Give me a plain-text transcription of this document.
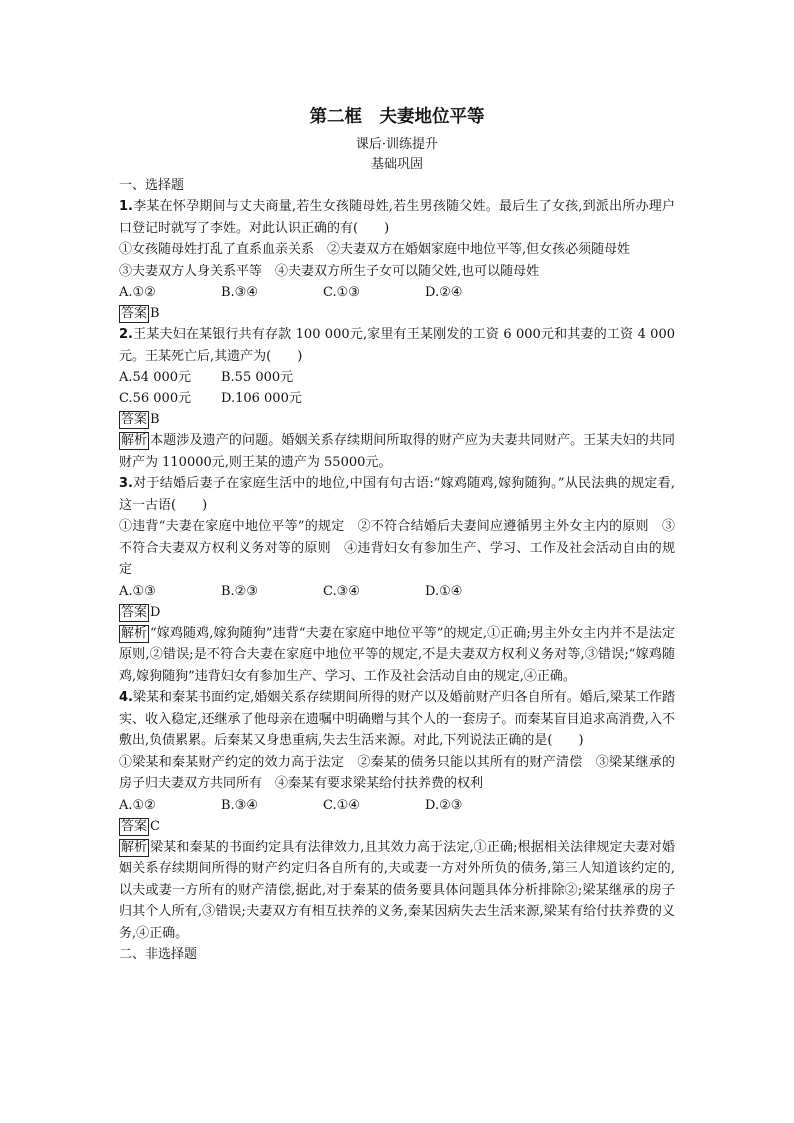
第二框　夫妻地位平等
课后·训练提升
基础巩固
一、选择题
1.李某在怀孕期间与丈夫商量,若生女孩随母姓,若生男孩随父姓。最后生了女孩,到派出所办理户口登记时就写了李姓。对此认识正确的有(　　)
①女孩随母姓打乱了直系血亲关系　②夫妻双方在婚姻家庭中地位平等,但女孩必须随母姓
③夫妻双方人身关系平等　④夫妻双方所生子女可以随父姓,也可以随母姓
A.①②	B.③④	C.①③	D.②④
答案 B
2.王某夫妇在某银行共有存款 100 000元,家里有王某刚发的工资 6 000元和其妻的工资 4 000元。王某死亡后,其遗产为(　　)
A.54 000元	B.55 000元
C.56 000元	D.106 000元
答案 B
解析 本题涉及遗产的问题。婚姻关系存续期间所取得的财产应为夫妻共同财产。王某夫妇的共同财产为 110000元,则王某的遗产为 55000元。
3.对于结婚后妻子在家庭生活中的地位,中国有句古语:“嫁鸡随鸡,嫁狗随狗。”从民法典的规定看,这一古语(　　)
①违背“夫妻在家庭中地位平等”的规定　②不符合结婚后夫妻间应遵循男主外女主内的原则　③不符合夫妻双方权利义务对等的原则　④违背妇女有参加生产、学习、工作及社会活动自由的规定
A.①③	B.②③	C.③④	D.①④
答案 D
解析 “嫁鸡随鸡,嫁狗随狗”违背“夫妻在家庭中地位平等”的规定,①正确;男主外女主内并不是法定原则,②错误;是不符合夫妻在家庭中地位平等的规定,不是夫妻双方权利义务对等,③错误;“嫁鸡随鸡,嫁狗随狗”违背妇女有参加生产、学习、工作及社会活动自由的规定,④正确。
4.梁某和秦某书面约定,婚姻关系存续期间所得的财产以及婚前财产归各自所有。婚后,梁某工作踏实、收入稳定,还继承了他母亲在遗嘱中明确赠与其个人的一套房子。而秦某盲目追求高消费,入不敷出,负债累累。后秦某又身患重病,失去生活来源。对此,下列说法正确的是(　　)
①梁某和秦某财产约定的效力高于法定　②秦某的债务只能以其所有的财产清偿　③梁某继承的房子归夫妻双方共同所有　④秦某有要求梁某给付扶养费的权利
A.①②	B.③④	C.①④	D.②③
答案 C
解析 梁某和秦某的书面约定具有法律效力,且其效力高于法定,①正确;根据相关法律规定夫妻对婚姻关系存续期间所得的财产约定归各自所有的,夫或妻一方对外所负的债务,第三人知道该约定的,以夫或妻一方所有的财产清偿,据此,对于秦某的债务要具体问题具体分析排除②;梁某继承的房子归其个人所有,③错误;夫妻双方有相互扶养的义务,秦某因病失去生活来源,梁某有给付扶养费的义务,④正确。
二、非选择题
